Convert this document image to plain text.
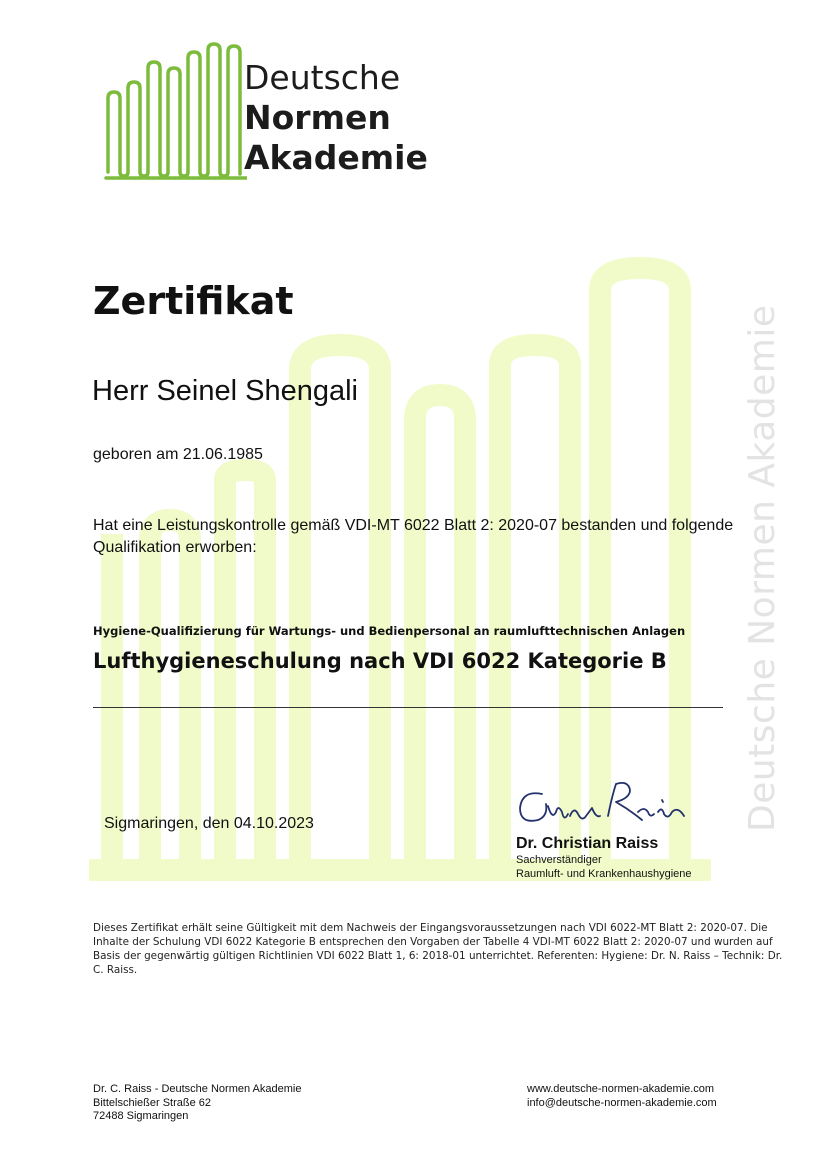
Deutsche Normen Akademie
Deutsche
Normen
Akademie
Zertifikat
Herr Seinel Shengali
geboren am 21.06.1985
Hat eine Leistungskontrolle gemäß VDI-MT 6022 Blatt 2: 2020-07 bestanden und folgende Qualifikation erworben:
Hygiene-Qualifizierung für Wartungs- und Bedienpersonal an raumlufttechnischen Anlagen
Lufthygieneschulung nach VDI 6022 Kategorie B
Sigmaringen, den 04.10.2023
Dr. Christian Raiss
Sachverständiger
Raumluft- und Krankenhaushygiene
Dieses Zertifikat erhält seine Gültigkeit mit dem Nachweis der Eingangsvoraussetzungen nach VDI 6022-MT Blatt 2: 2020-07. Die Inhalte der Schulung VDI 6022 Kategorie B entsprechen den Vorgaben der Tabelle 4 VDI-MT 6022 Blatt 2: 2020-07 und wurden auf Basis der gegenwärtig gültigen Richtlinien VDI 6022 Blatt 1, 6: 2018-01 unterrichtet. Referenten: Hygiene: Dr. N. Raiss – Technik: Dr. C. Raiss.
Dr. C. Raiss - Deutsche Normen Akademie
Bittelschießer Straße 62
72488 Sigmaringen
www.deutsche-normen-akademie.com
info@deutsche-normen-akademie.com
